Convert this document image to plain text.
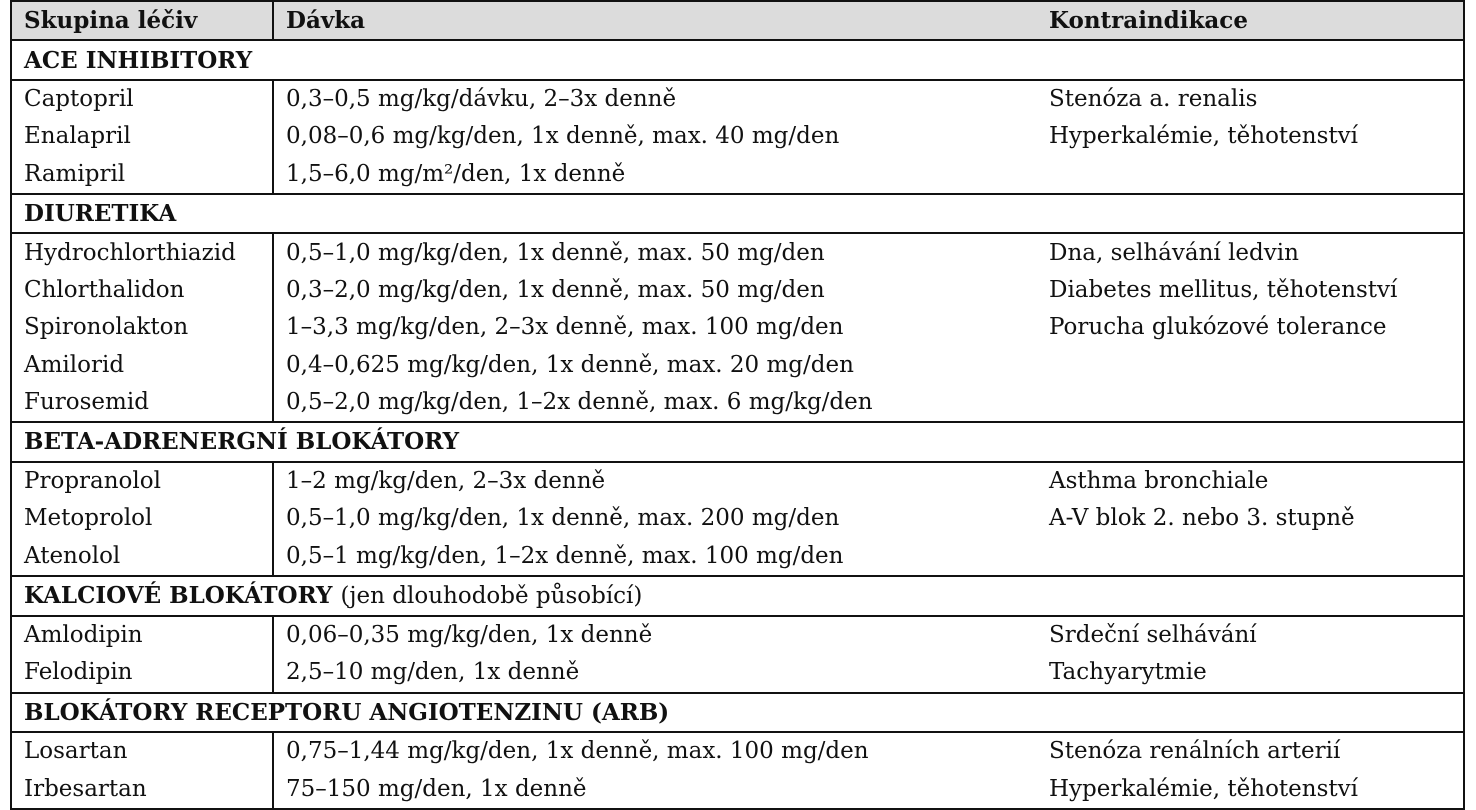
Skupina léčiv	Dávka	Kontraindikace
ACE INHIBITORY		
Captopril	0,3–0,5 mg/kg/dávku, 2–3x denně	Stenóza a. renalis
Enalapril	0,08–0,6 mg/kg/den, 1x denně, max. 40 mg/den	Hyperkalémie, těhotenství
Ramipril	1,5–6,0 mg/m²/den, 1x denně	
DIURETIKA		
Hydrochlorthiazid	0,5–1,0 mg/kg/den, 1x denně, max. 50 mg/den	Dna, selhávání ledvin
Chlorthalidon	0,3–2,0 mg/kg/den, 1x denně, max. 50 mg/den	Diabetes mellitus, těhotenství
Spironolakton	1–3,3 mg/kg/den, 2–3x denně, max. 100 mg/den	Porucha glukózové tolerance
Amilorid	0,4–0,625 mg/kg/den, 1x denně, max. 20 mg/den	
Furosemid	0,5–2,0 mg/kg/den, 1–2x denně, max. 6 mg/kg/den	
BETA-ADRENERGNÍ BLOKÁTORY		
Propranolol	1–2 mg/kg/den, 2–3x denně	Asthma bronchiale
Metoprolol	0,5–1,0 mg/kg/den, 1x denně, max. 200 mg/den	A-V blok 2. nebo 3. stupně
Atenolol	0,5–1 mg/kg/den, 1–2x denně, max. 100 mg/den	
KALCIOVÉ BLOKÁTORY (jen dlouhodobě působící)		
Amlodipin	0,06–0,35 mg/kg/den, 1x denně	Srdeční selhávání
Felodipin	2,5–10 mg/den, 1x denně	Tachyarytmie
BLOKÁTORY RECEPTORU ANGIOTENZINU (ARB)		
Losartan	0,75–1,44 mg/kg/den, 1x denně, max. 100 mg/den	Stenóza renálních arterií
Irbesartan	75–150 mg/den, 1x denně	Hyperkalémie, těhotenství
